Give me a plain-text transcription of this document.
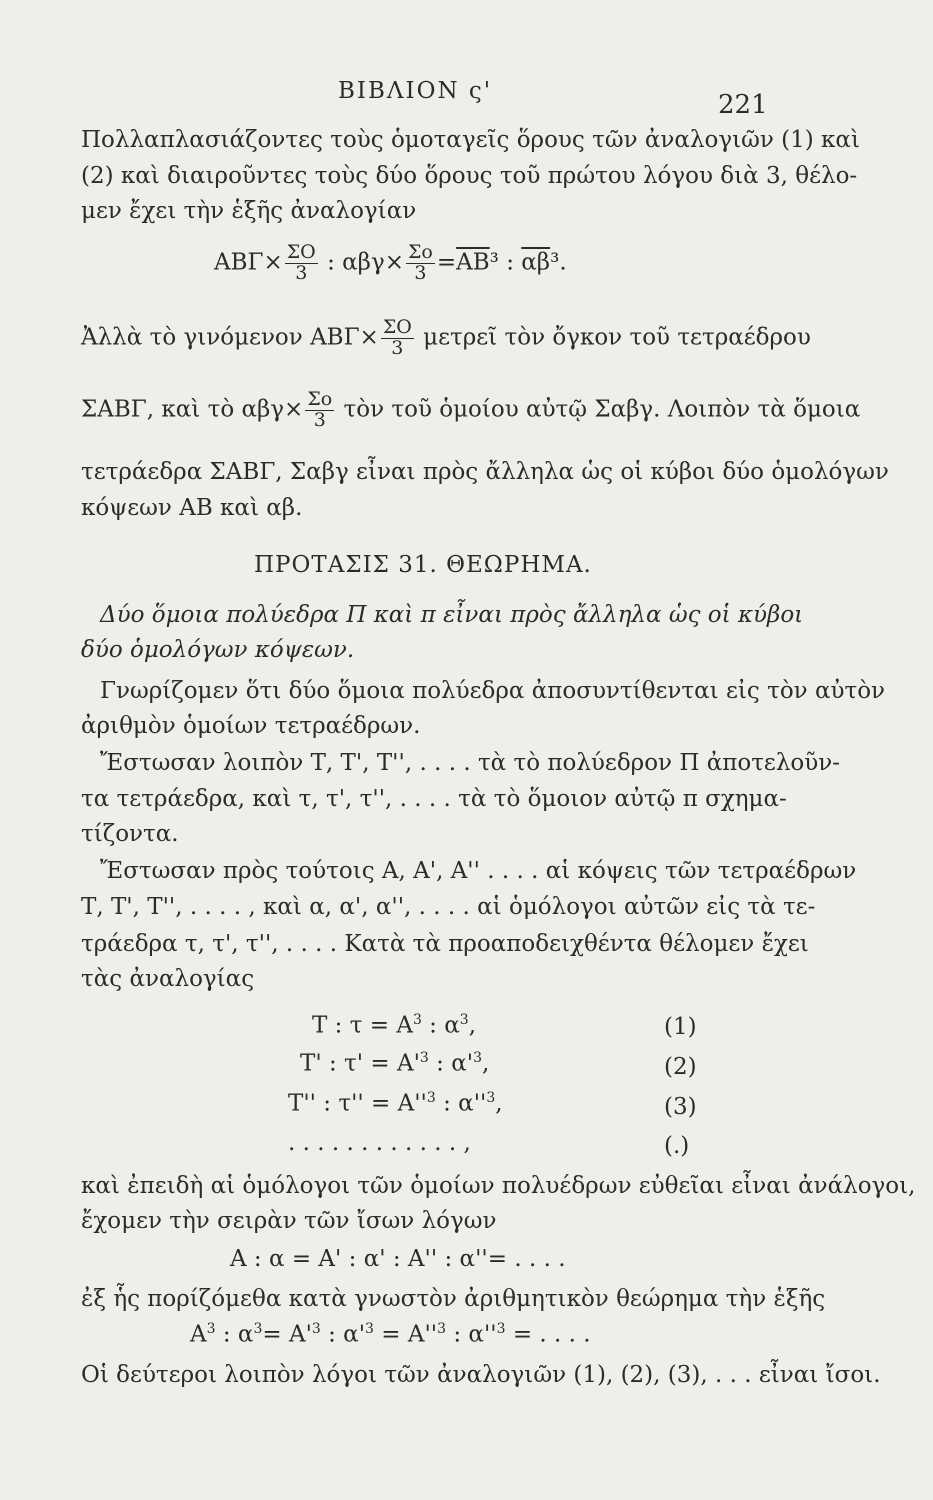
ΒΙΒΛΙΟΝ ς'	221
Πολλαπλασιάζοντες τοὺς ὁμοταγεῖς ὅρους τῶν ἀναλογιῶν (1) καὶ
(2) καὶ διαιροῦντες τοὺς δύο ὅρους τοῦ πρώτου λόγου διὰ 3, θέλο-
μεν ἔχει τὴν ἑξῆς ἀναλογίαν
$AB\Gamma\times \frac{\Sigma O}{3}$ : $\alpha\beta\gamma\times \frac{\Sigma o}{3} =\overline{AB}^3$ : $\overline{\alpha\beta}^3$.
Ἀλλὰ τὸ γινόμενον $AB\Gamma\times \frac{\Sigma O}{3}$ μετρεῖ τὸν ὄγκον τοῦ τετραέδρου
ΣΑΒΓ, καὶ τὸ $\alpha\beta\gamma\times \frac{\Sigma o}{3}$ τὸν τοῦ ὁμοίου αὐτῷ Σαβγ. Λοιπὸν τὰ ὅμοια
τετράεδρα ΣΑΒΓ, Σαβγ εἶναι πρὸς ἄλληλα ὡς οἱ κύβοι δύο ὁμολόγων
κόψεων ΑΒ καὶ αβ.
ΠΡΟΤΑΣΙΣ 31. ΘΕΩΡΗΜΑ.
Δύο ὅμοια πολύεδρα Π καὶ π εἶναι πρὸς ἄλληλα ὡς οἱ κύβοι
δύο ὁμολόγων κόψεων.
Γνωρίζομεν ὅτι δύο ὅμοια πολύεδρα ἀποσυντίθενται εἰς τὸν αὐτὸν
ἀριθμὸν ὁμοίων τετραέδρων.
Ἔστωσαν λοιπὸν Τ, Τ', Τ'', . . . . τὰ τὸ πολύεδρον Π ἀποτελοῦν-
τα τετράεδρα, καὶ τ, τ', τ'', . . . . τὰ τὸ ὅμοιον αὐτῷ π σχημα-
τίζοντα.
Ἔστωσαν πρὸς τούτοις Α, Α', Α'' . . . . αἱ κόψεις τῶν τετραέδρων
Τ, Τ', Τ'', . . . . , καὶ α, α', α'', . . . . αἱ ὁμόλογοι αὐτῶν εἰς τὰ τε-
τράεδρα τ, τ', τ'', . . . . Κατὰ τὰ προαποδειχθέντα θέλομεν ἔχει
τὰς ἀναλογίας
Τ : $\tau = A^3$ : $\alpha^3$,	(1)
Τ' : $\tau' = A'^3$ : $\alpha'^3$,	(2)
Τ'' : $\tau'' = A''^3$ : $\alpha''^3$,	(3)
. . . . . . . . . . . . ,	(.)
καὶ ἐπειδὴ αἱ ὁμόλογοι τῶν ὁμοίων πολυέδρων εὐθεῖαι εἶναι ἀνάλογοι,
ἔχομεν τὴν σειρὰν τῶν ἴσων λόγων
Α : α = Α' : α' : Α'' : α''= . . . .
ἐξ ἧς πορίζόμεθα κατὰ γνωστὸν ἀριθμητικὸν θεώρημα τὴν ἑξῆς
$A^3$ : $\alpha^3= A'^3$ : $\alpha'^3 = A''^3$ : $\alpha''^3$ = . . . .
Οἱ δεύτεροι λοιπὸν λόγοι τῶν ἀναλογιῶν (1), (2), (3), . . . εἶναι ἴσοι.
